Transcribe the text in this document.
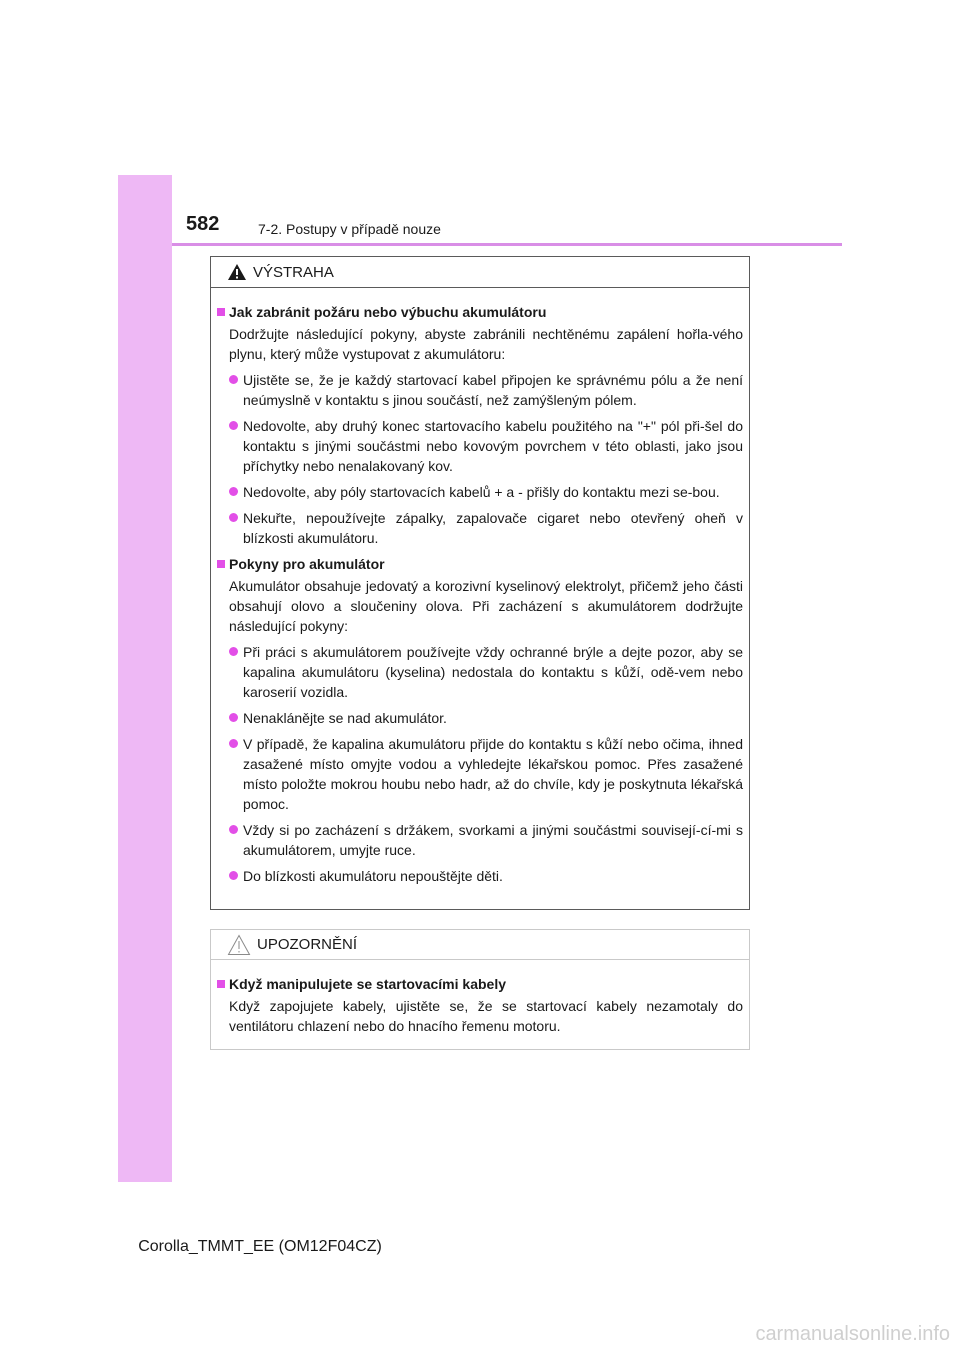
582	7-2. Postupy v případě nouze
VÝSTRAHA
Jak zabránit požáru nebo výbuchu akumulátoru
Dodržujte následující pokyny, abyste zabránili nechtěnému zapálení hořla-vého plynu, který může vystupovat z akumulátoru:
Ujistěte se, že je každý startovací kabel připojen ke správnému pólu a že není neúmyslně v kontaktu s jinou součástí, než zamýšleným pólem.
Nedovolte, aby druhý konec startovacího kabelu použitého na "+" pól při-šel do kontaktu s jinými součástmi nebo kovovým povrchem v této oblasti, jako jsou příchytky nebo nenalakovaný kov.
Nedovolte, aby póly startovacích kabelů + a - přišly do kontaktu mezi se-bou.
Nekuřte, nepoužívejte zápalky, zapalovače cigaret nebo otevřený oheň v blízkosti akumulátoru.
Pokyny pro akumulátor
Akumulátor obsahuje jedovatý a korozivní kyselinový elektrolyt, přičemž jeho části obsahují olovo a sloučeniny olova. Při zacházení s akumulátorem dodržujte následující pokyny:
Při práci s akumulátorem používejte vždy ochranné brýle a dejte pozor, aby se kapalina akumulátoru (kyselina) nedostala do kontaktu s kůží, odě-vem nebo karoserií vozidla.
Nenaklánějte se nad akumulátor.
V případě, že kapalina akumulátoru přijde do kontaktu s kůží nebo očima, ihned zasažené místo omyjte vodou a vyhledejte lékařskou pomoc. Přes zasažené místo položte mokrou houbu nebo hadr, až do chvíle, kdy je poskytnuta lékařská pomoc.
Vždy si po zacházení s držákem, svorkami a jinými součástmi souvisejí-cí-mi s akumulátorem, umyjte ruce.
Do blízkosti akumulátoru nepouštějte děti.
UPOZORNĚNÍ
Když manipulujete se startovacími kabely
Když zapojujete kabely, ujistěte se, že se startovací kabely nezamotaly do ventilátoru chlazení nebo do hnacího řemenu motoru.
Corolla_TMMT_EE (OM12F04CZ)
carmanualsonline.info
